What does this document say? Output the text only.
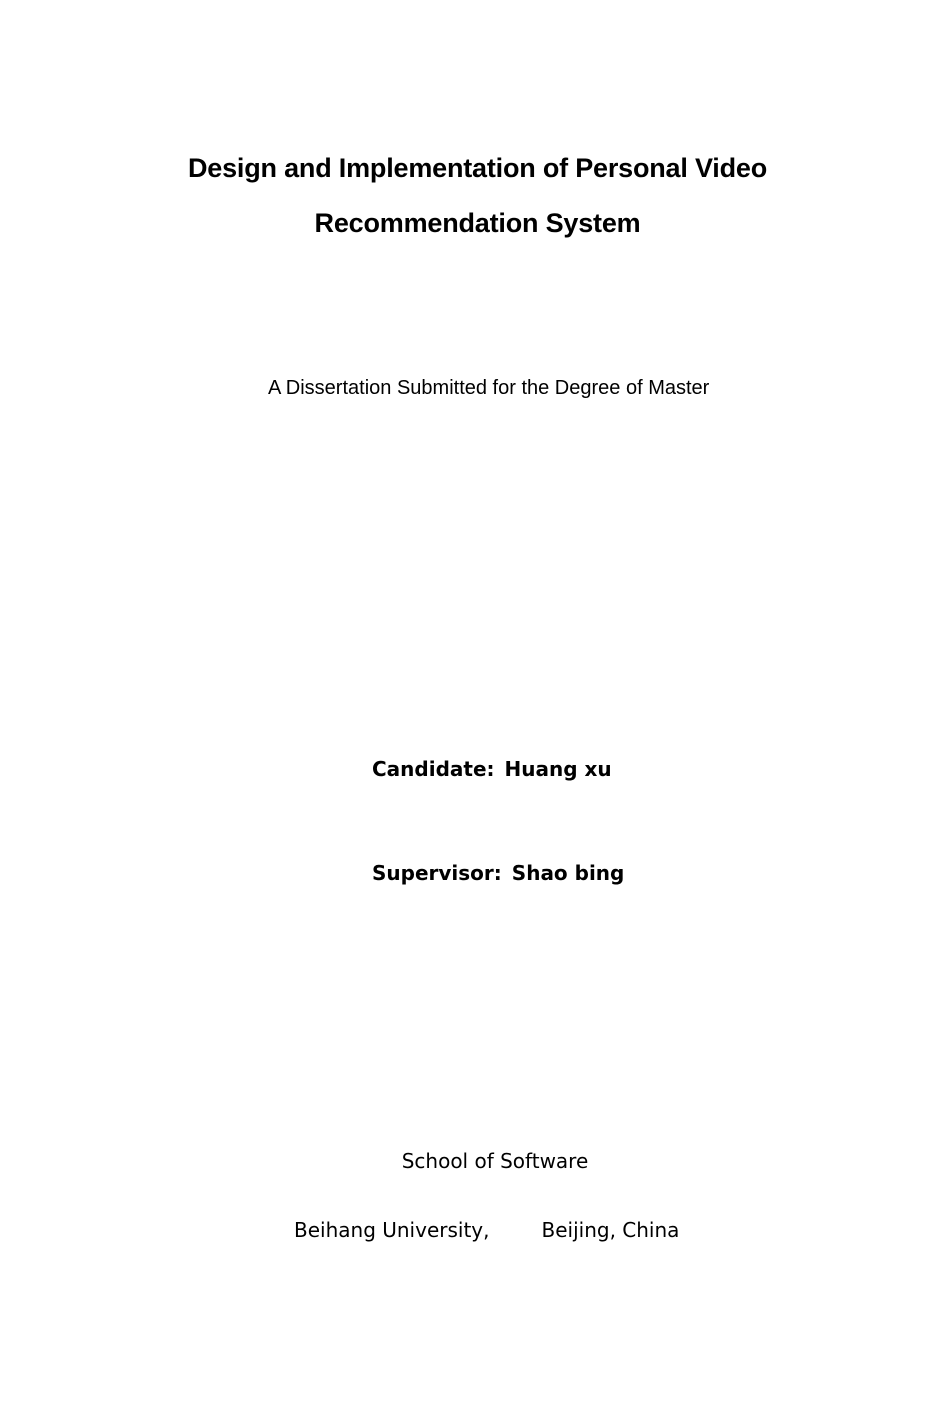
Design and Implementation of Personal Video
Recommendation System
A Dissertation Submitted for the Degree of Master
Candidate: Huang xu
Supervisor: Shao bing
School of Software
Beihang University,	Beijing, China
